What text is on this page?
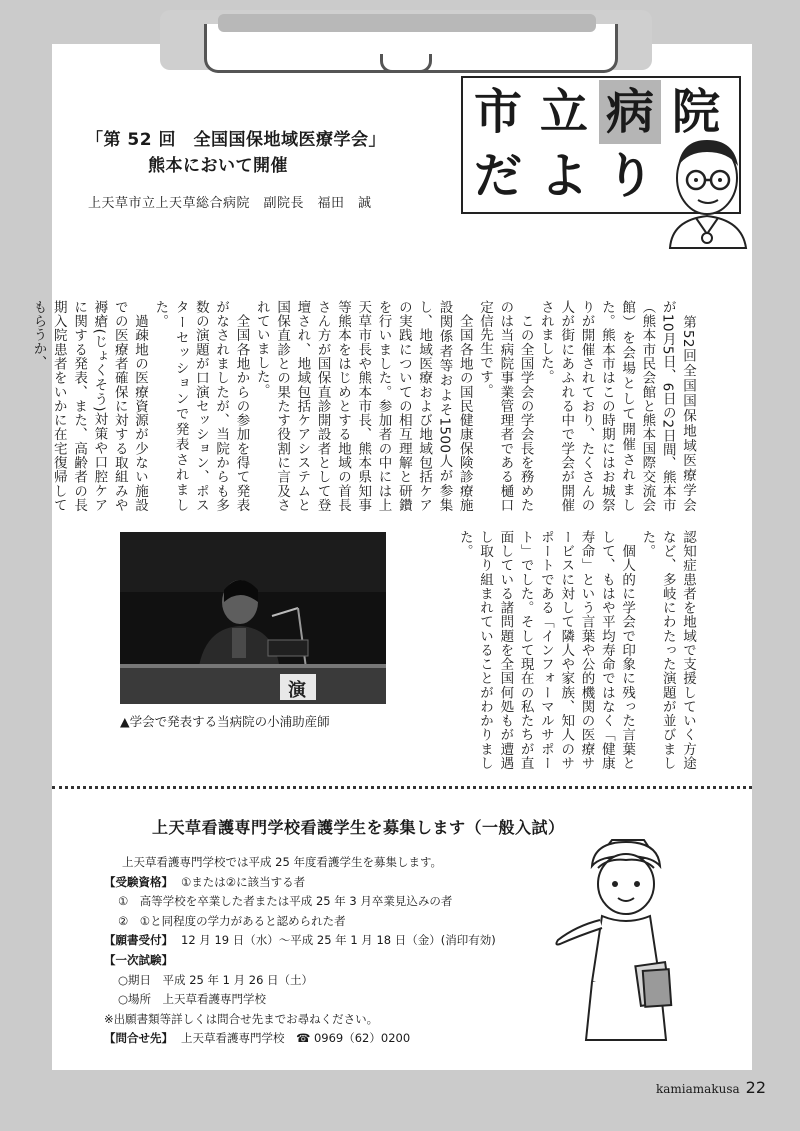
「第 52 回　全国国保地域医療学会」
熊本において開催
上天草市立上天草総合病院　副院長　福田　誠
市 立 病 院
だ よ り
　第52回全国国保地域医療学会が10月5日、6日の2日間、熊本市（熊本市民会館と熊本国際交流会館）を会場として開催されました。熊本市はこの時期にはお城祭りが開催されており、たくさんの人が街にあふれる中で学会が開催されました。
　この全国学会の学会長を務めたのは当病院事業管理者である樋口定信先生です。
　全国各地の国民健康保険診療施設関係者等およそ1500人が参集し、地域医療および地域包括ケアの実践についての相互理解と研鑽を行いました。参加者の中には上天草市長や熊本市長、熊本県知事等熊本をはじめとする地域の首長さん方が国保直診開設者として登壇され、地域包括ケアシステムと国保直診との果たす役割に言及されていました。
　全国各地からの参加を得て発表がなされましたが、当院からも多数の演題が口演セッション、ポスターセッションで発表されました。
　過疎地の医療資源が少ない施設での医療者確保に対する取組みや褥瘡(じょくそう)対策や口腔ケアに関する発表、また、高齢者の長期入院患者をいかに在宅復帰してもらうか、
認知症患者を地域で支援していく方途など、多岐にわたった演題が並びました。
　個人的に学会で印象に残った言葉として、もはや平均寿命ではなく「健康寿命」という言葉や公的機関の医療サービスに対して隣人や家族、知人のサポートである「インフォーマルサポート」でした。そして現在の私たちが直面している諸問題を全国何処もが遭遇し取り組まれていることがわかりました。
演
▲学会で発表する当病院の小浦助産師
上天草看護専門学校看護学生を募集します（一般入試）
上天草看護専門学校では平成 25 年度看護学生を募集します。
【受験資格】 ①または②に該当する者
①　高等学校を卒業した者または平成 25 年 3 月卒業見込みの者
②　①と同程度の学力があると認められた者
【願書受付】 12 月 19 日（水）～平成 25 年 1 月 18 日（金）(消印有効)
【一次試験】
○期日　平成 25 年 1 月 26 日（土）
○場所　上天草看護専門学校
※出願書類等詳しくは問合せ先までお尋ねください。
【問合せ先】 上天草看護専門学校　☎ 0969（62）0200
kamiamakusa 22
